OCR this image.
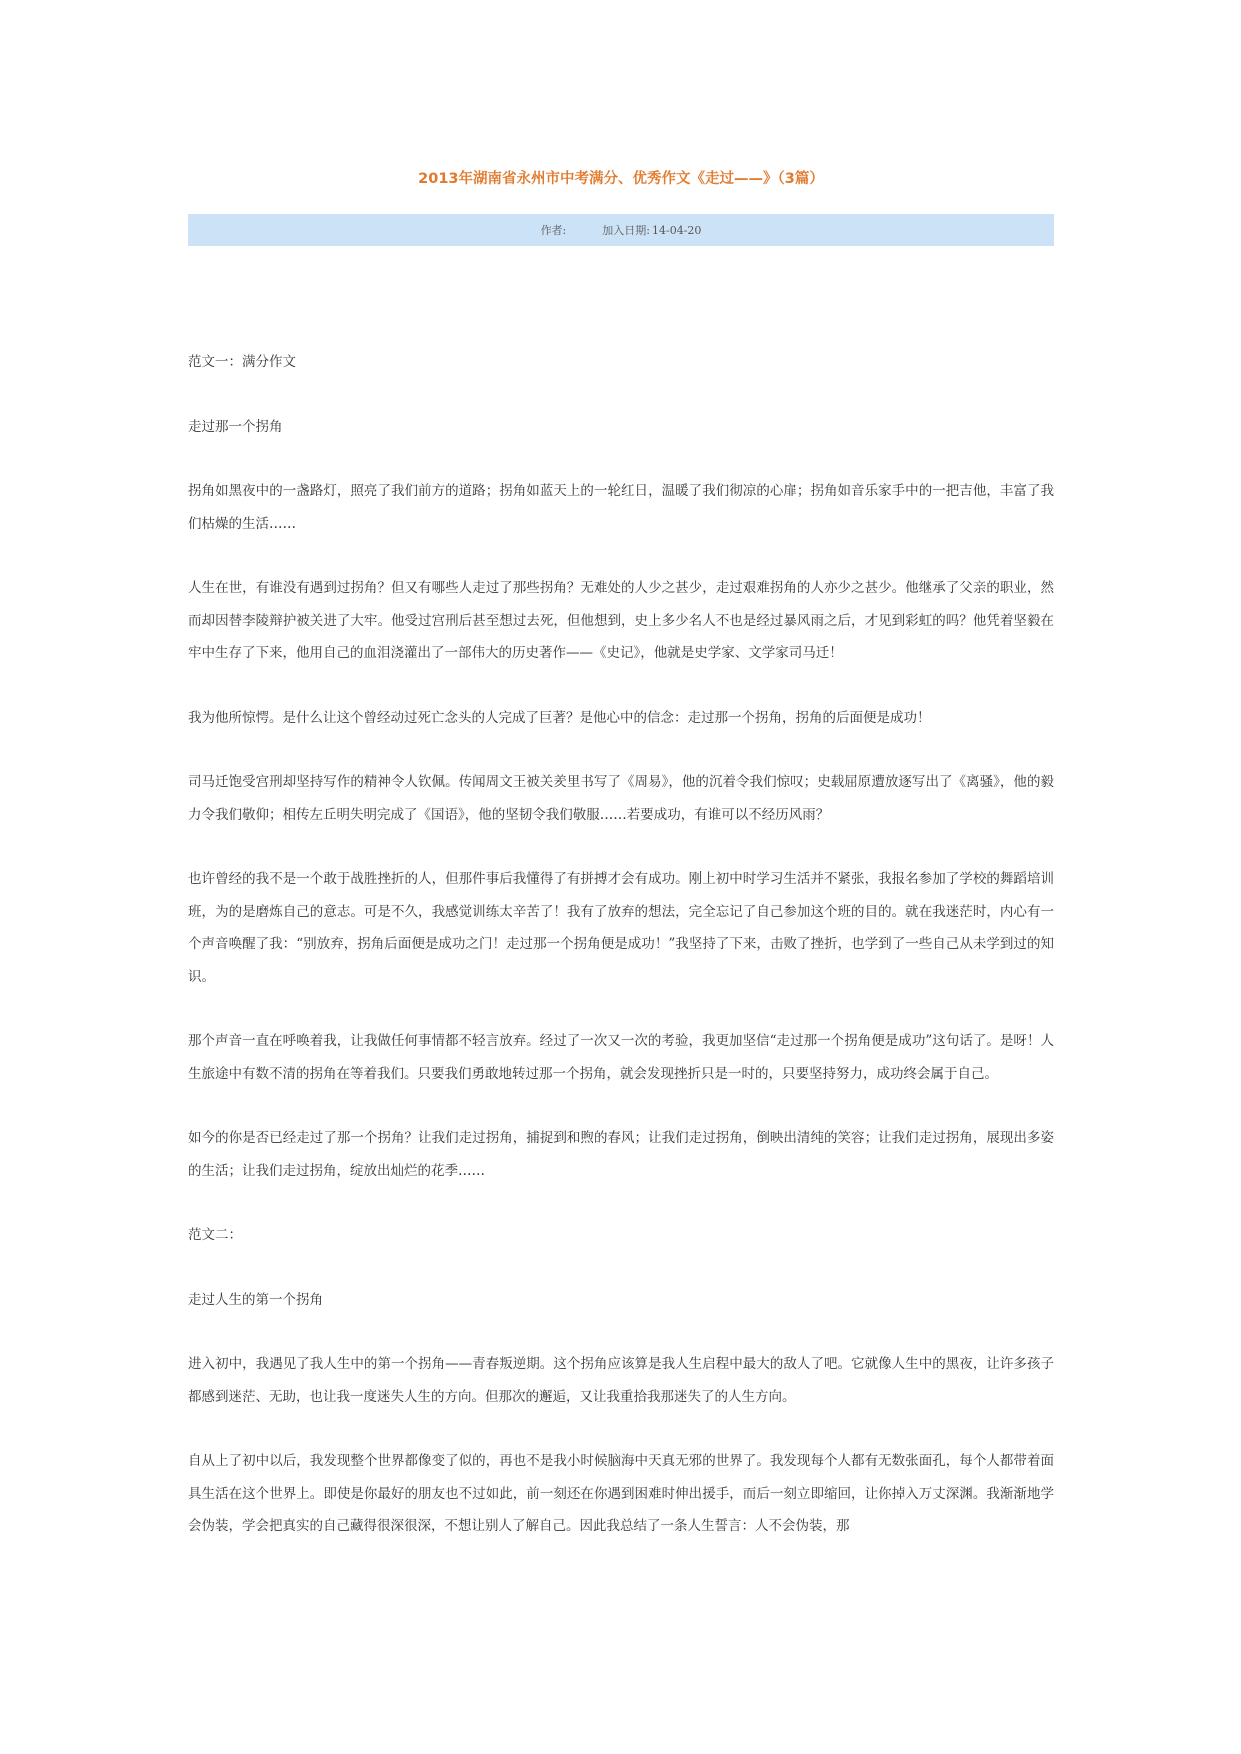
2013年湖南省永州市中考满分、优秀作文《走过——》（3篇）
作者:	加入日期: 14-04-20

范文一：满分作文

走过那一个拐角

拐角如黑夜中的一盏路灯，照亮了我们前方的道路；拐角如蓝天上的一轮红日，温暖了我们彻凉的心扉；拐角如音乐家手中的一把吉他，丰富了我们枯燥的生活……

人生在世，有谁没有遇到过拐角？但又有哪些人走过了那些拐角？无难处的人少之甚少，走过艰难拐角的人亦少之甚少。他继承了父亲的职业，然而却因替李陵辩护被关进了大牢。他受过宫刑后甚至想过去死，但他想到，史上多少名人不也是经过暴风雨之后，才见到彩虹的吗？他凭着坚毅在牢中生存了下来，他用自己的血泪浇灌出了一部伟大的历史著作——《史记》，他就是史学家、文学家司马迁！

我为他所惊愕。是什么让这个曾经动过死亡念头的人完成了巨著？是他心中的信念：走过那一个拐角，拐角的后面便是成功！

司马迁饱受宫刑却坚持写作的精神令人钦佩。传闻周文王被关羑里书写了《周易》，他的沉着令我们惊叹；史载屈原遭放逐写出了《离骚》，他的毅力令我们敬仰；相传左丘明失明完成了《国语》，他的坚韧令我们敬服……若要成功，有谁可以不经历风雨？

也许曾经的我不是一个敢于战胜挫折的人，但那件事后我懂得了有拼搏才会有成功。刚上初中时学习生活并不紧张，我报名参加了学校的舞蹈培训班，为的是磨炼自己的意志。可是不久，我感觉训练太辛苦了！我有了放弃的想法，完全忘记了自己参加这个班的目的。就在我迷茫时，内心有一个声音唤醒了我：“别放弃，拐角后面便是成功之门！走过那一个拐角便是成功！”我坚持了下来，击败了挫折，也学到了一些自己从未学到过的知识。

那个声音一直在呼唤着我，让我做任何事情都不轻言放弃。经过了一次又一次的考验，我更加坚信“走过那一个拐角便是成功”这句话了。是呀！人生旅途中有数不清的拐角在等着我们。只要我们勇敢地转过那一个拐角，就会发现挫折只是一时的，只要坚持努力，成功终会属于自己。

如今的你是否已经走过了那一个拐角？让我们走过拐角，捕捉到和煦的春风；让我们走过拐角，倒映出清纯的笑容；让我们走过拐角，展现出多姿的生活；让我们走过拐角，绽放出灿烂的花季……

范文二：

走过人生的第一个拐角

进入初中，我遇见了我人生中的第一个拐角——青春叛逆期。这个拐角应该算是我人生启程中最大的敌人了吧。它就像人生中的黑夜，让许多孩子都感到迷茫、无助，也让我一度迷失人生的方向。但那次的邂逅，又让我重拾我那迷失了的人生方向。

自从上了初中以后，我发现整个世界都像变了似的，再也不是我小时候脑海中天真无邪的世界了。我发现每个人都有无数张面孔，每个人都带着面具生活在这个世界上。即使是你最好的朋友也不过如此，前一刻还在你遇到困难时伸出援手，而后一刻立即缩回，让你掉入万丈深渊。我渐渐地学会伪装，学会把真实的自己藏得很深很深，不想让别人了解自己。因此我总结了一条人生誓言：人不会伪装，那
